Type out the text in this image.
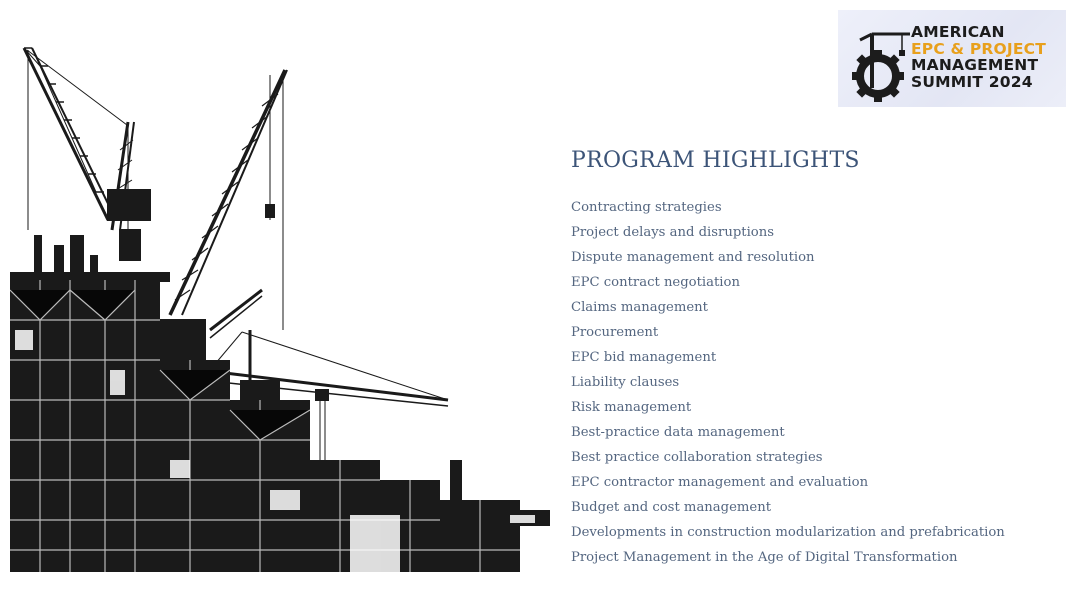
AMERICAN
EPC & PROJECT
MANAGEMENT
SUMMIT 2024
PROGRAM HIGHLIGHTS
Contracting strategies
Project delays and disruptions
Dispute management and resolution
EPC contract negotiation
Claims management
Procurement
EPC bid management
Liability clauses
Risk management
Best-practice data management
Best practice collaboration strategies
EPC contractor management and evaluation
Budget and cost management
Developments in construction modularization and prefabrication
Project Management in the Age of Digital Transformation
